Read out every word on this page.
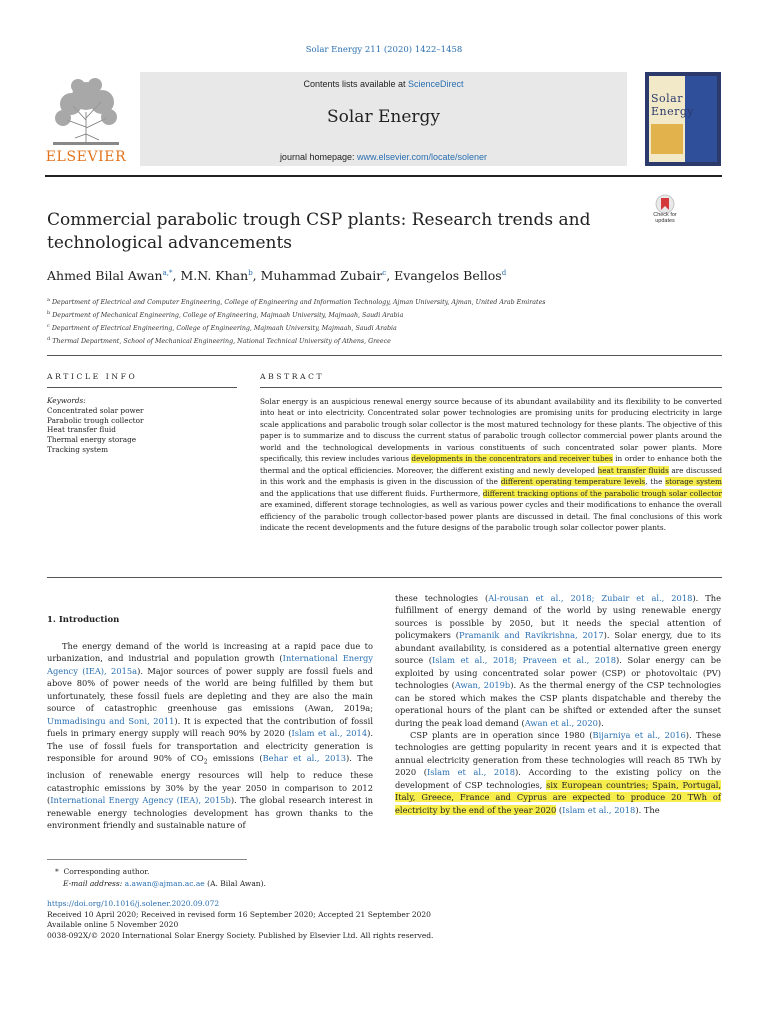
Solar Energy 211 (2020) 1422–1458
ELSEVIER
Contents lists available at ScienceDirect
Solar Energy
journal homepage: www.elsevier.com/locate/solener
Solar
Energy
Check for
updates
Commercial parabolic trough CSP plants: Research trends and technological advancements
Ahmed Bilal Awan$^{a,*}$, M.N. Khan$^b$, Muhammad Zubair$^c$, Evangelos Bellos$^d$
$^a$ Department of Electrical and Computer Engineering, College of Engineering and Information Technology, Ajman University, Ajman, United Arab Emirates
$^b$ Department of Mechanical Engineering, College of Engineering, Majmaah University, Majmaah, Saudi Arabia
$^c$ Department of Electrical Engineering, College of Engineering, Majmaah University, Majmaah, Saudi Arabia
$^d$ Thermal Department, School of Mechanical Engineering, National Technical University of Athens, Greece
ARTICLE INFO
Keywords:
Concentrated solar power
Parabolic trough collector
Heat transfer fluid
Thermal energy storage
Tracking system
ABSTRACT
Solar energy is an auspicious renewal energy source because of its abundant availability and its flexibility to be converted into heat or into electricity. Concentrated solar power technologies are promising units for producing electricity in large scale applications and parabolic trough solar collector is the most matured technology for these plants. The objective of this paper is to summarize and to discuss the current status of parabolic trough collector commercial power plants around the world and the technological developments in various constituents of such concentrated solar power plants. More specifically, this review includes various developments in the concentrators and receiver tubes in order to enhance both the thermal and the optical efficiencies. Moreover, the different existing and newly developed heat transfer fluids are discussed in this work and the emphasis is given in the discussion of the different operating temperature levels, the storage system and the applications that use different fluids. Furthermore, different tracking options of the parabolic trough solar collector are examined, different storage technologies, as well as various power cycles and their modifications to enhance the overall efficiency of the parabolic trough collector-based power plants are discussed in detail. The final conclusions of this work indicate the recent developments and the future designs of the parabolic trough solar collector power plants.
1. Introduction

The energy demand of the world is increasing at a rapid pace due to urbanization, and industrial and population growth (International Energy Agency (IEA), 2015a). Major sources of power supply are fossil fuels and above 80% of power needs of the world are being fulfilled by them but unfortunately, these fossil fuels are depleting and they are also the main source of catastrophic greenhouse gas emissions (Awan, 2019a; Ummadisingu and Soni, 2011). It is expected that the contribution of fossil fuels in primary energy supply will reach 90% by 2020 (Islam et al., 2014). The use of fossil fuels for transportation and electricity generation is responsible for around 90% of $CO_2$ emissions (Behar et al., 2013). The inclusion of renewable energy resources will help to reduce these catastrophic emissions by 30% by the year 2050 in comparison to 2012 (International Energy Agency (IEA), 2015b). The global research interest in renewable energy technologies development has grown thanks to the environment friendly and sustainable nature of

these technologies (Al-rousan et al., 2018; Zubair et al., 2018). The fulfillment of energy demand of the world by using renewable energy sources is possible by 2050, but it needs the special attention of policymakers (Pramanik and Ravikrishna, 2017). Solar energy, due to its abundant availability, is considered as a potential alternative green energy source (Islam et al., 2018; Praveen et al., 2018). Solar energy can be exploited by using concentrated solar power (CSP) or photovoltaic (PV) technologies (Awan, 2019b). As the thermal energy of the CSP technologies can be stored which makes the CSP plants dispatchable and thereby the operational hours of the plant can be shifted or extended after the sunset during the peak load demand (Awan et al., 2020).

CSP plants are in operation since 1980 (Bijarniya et al., 2016). These technologies are getting popularity in recent years and it is expected that annual electricity generation from these technologies will reach 85 TWh by 2020 (Islam et al., 2018). According to the existing policy on the development of CSP technologies, six European countries; Spain, Portugal, Italy, Greece, France and Cyprus are expected to produce 20 TWh of electricity by the end of the year 2020 (Islam et al., 2018). The

* Corresponding author.
E-mail address: a.awan@ajman.ac.ae (A. Bilal Awan).
https://doi.org/10.1016/j.solener.2020.09.072
Received 10 April 2020; Received in revised form 16 September 2020; Accepted 21 September 2020
Available online 5 November 2020
0038-092X/© 2020 International Solar Energy Society. Published by Elsevier Ltd. All rights reserved.
